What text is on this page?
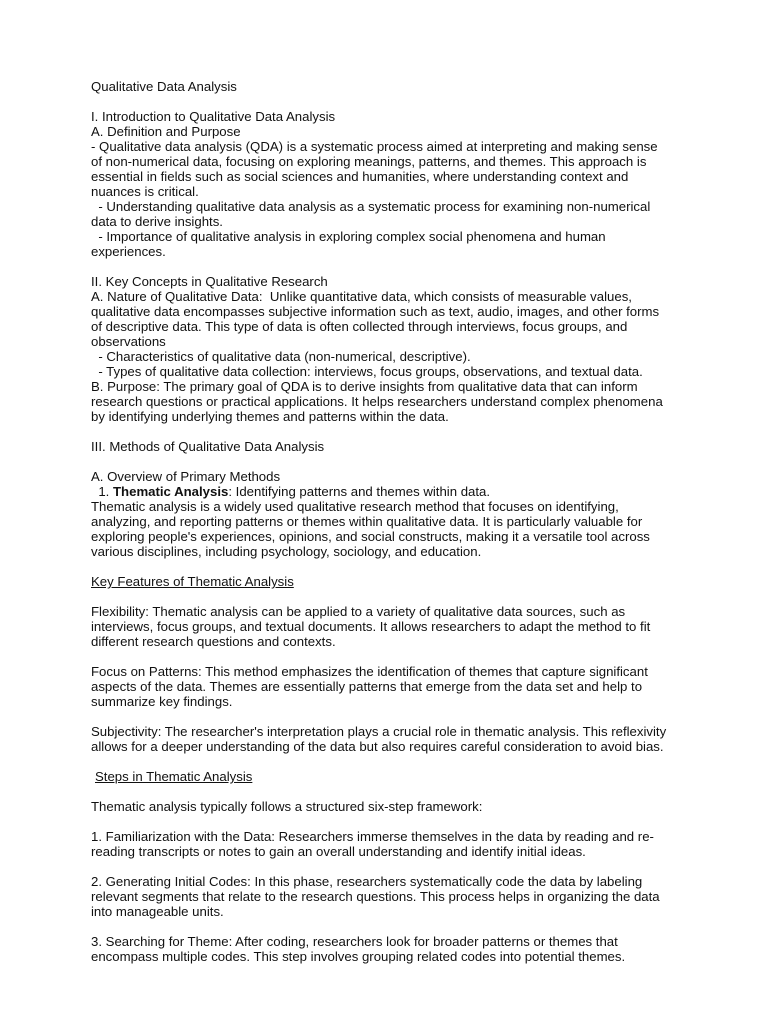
Qualitative Data Analysis
I. Introduction to Qualitative Data Analysis
A. Definition and Purpose
- Qualitative data analysis (QDA) is a systematic process aimed at interpreting and making sense
of non-numerical data, focusing on exploring meanings, patterns, and themes. This approach is
essential in fields such as social sciences and humanities, where understanding context and
nuances is critical.
- Understanding qualitative data analysis as a systematic process for examining non-numerical
data to derive insights.
- Importance of qualitative analysis in exploring complex social phenomena and human
experiences.
II. Key Concepts in Qualitative Research
A. Nature of Qualitative Data:  Unlike quantitative data, which consists of measurable values,
qualitative data encompasses subjective information such as text, audio, images, and other forms
of descriptive data. This type of data is often collected through interviews, focus groups, and
observations
- Characteristics of qualitative data (non-numerical, descriptive).
- Types of qualitative data collection: interviews, focus groups, observations, and textual data.
B. Purpose: The primary goal of QDA is to derive insights from qualitative data that can inform
research questions or practical applications. It helps researchers understand complex phenomena
by identifying underlying themes and patterns within the data.
III. Methods of Qualitative Data Analysis
A. Overview of Primary Methods
1. Thematic Analysis: Identifying patterns and themes within data.
Thematic analysis is a widely used qualitative research method that focuses on identifying,
analyzing, and reporting patterns or themes within qualitative data. It is particularly valuable for
exploring people's experiences, opinions, and social constructs, making it a versatile tool across
various disciplines, including psychology, sociology, and education.
Key Features of Thematic Analysis
Flexibility: Thematic analysis can be applied to a variety of qualitative data sources, such as
interviews, focus groups, and textual documents. It allows researchers to adapt the method to fit
different research questions and contexts.
Focus on Patterns: This method emphasizes the identification of themes that capture significant
aspects of the data. Themes are essentially patterns that emerge from the data set and help to
summarize key findings.
Subjectivity: The researcher's interpretation plays a crucial role in thematic analysis. This reflexivity
allows for a deeper understanding of the data but also requires careful consideration to avoid bias.
Steps in Thematic Analysis
Thematic analysis typically follows a structured six-step framework:
1. Familiarization with the Data: Researchers immerse themselves in the data by reading and re-
reading transcripts or notes to gain an overall understanding and identify initial ideas.
2. Generating Initial Codes: In this phase, researchers systematically code the data by labeling
relevant segments that relate to the research questions. This process helps in organizing the data
into manageable units.
3. Searching for Theme: After coding, researchers look for broader patterns or themes that
encompass multiple codes. This step involves grouping related codes into potential themes.
